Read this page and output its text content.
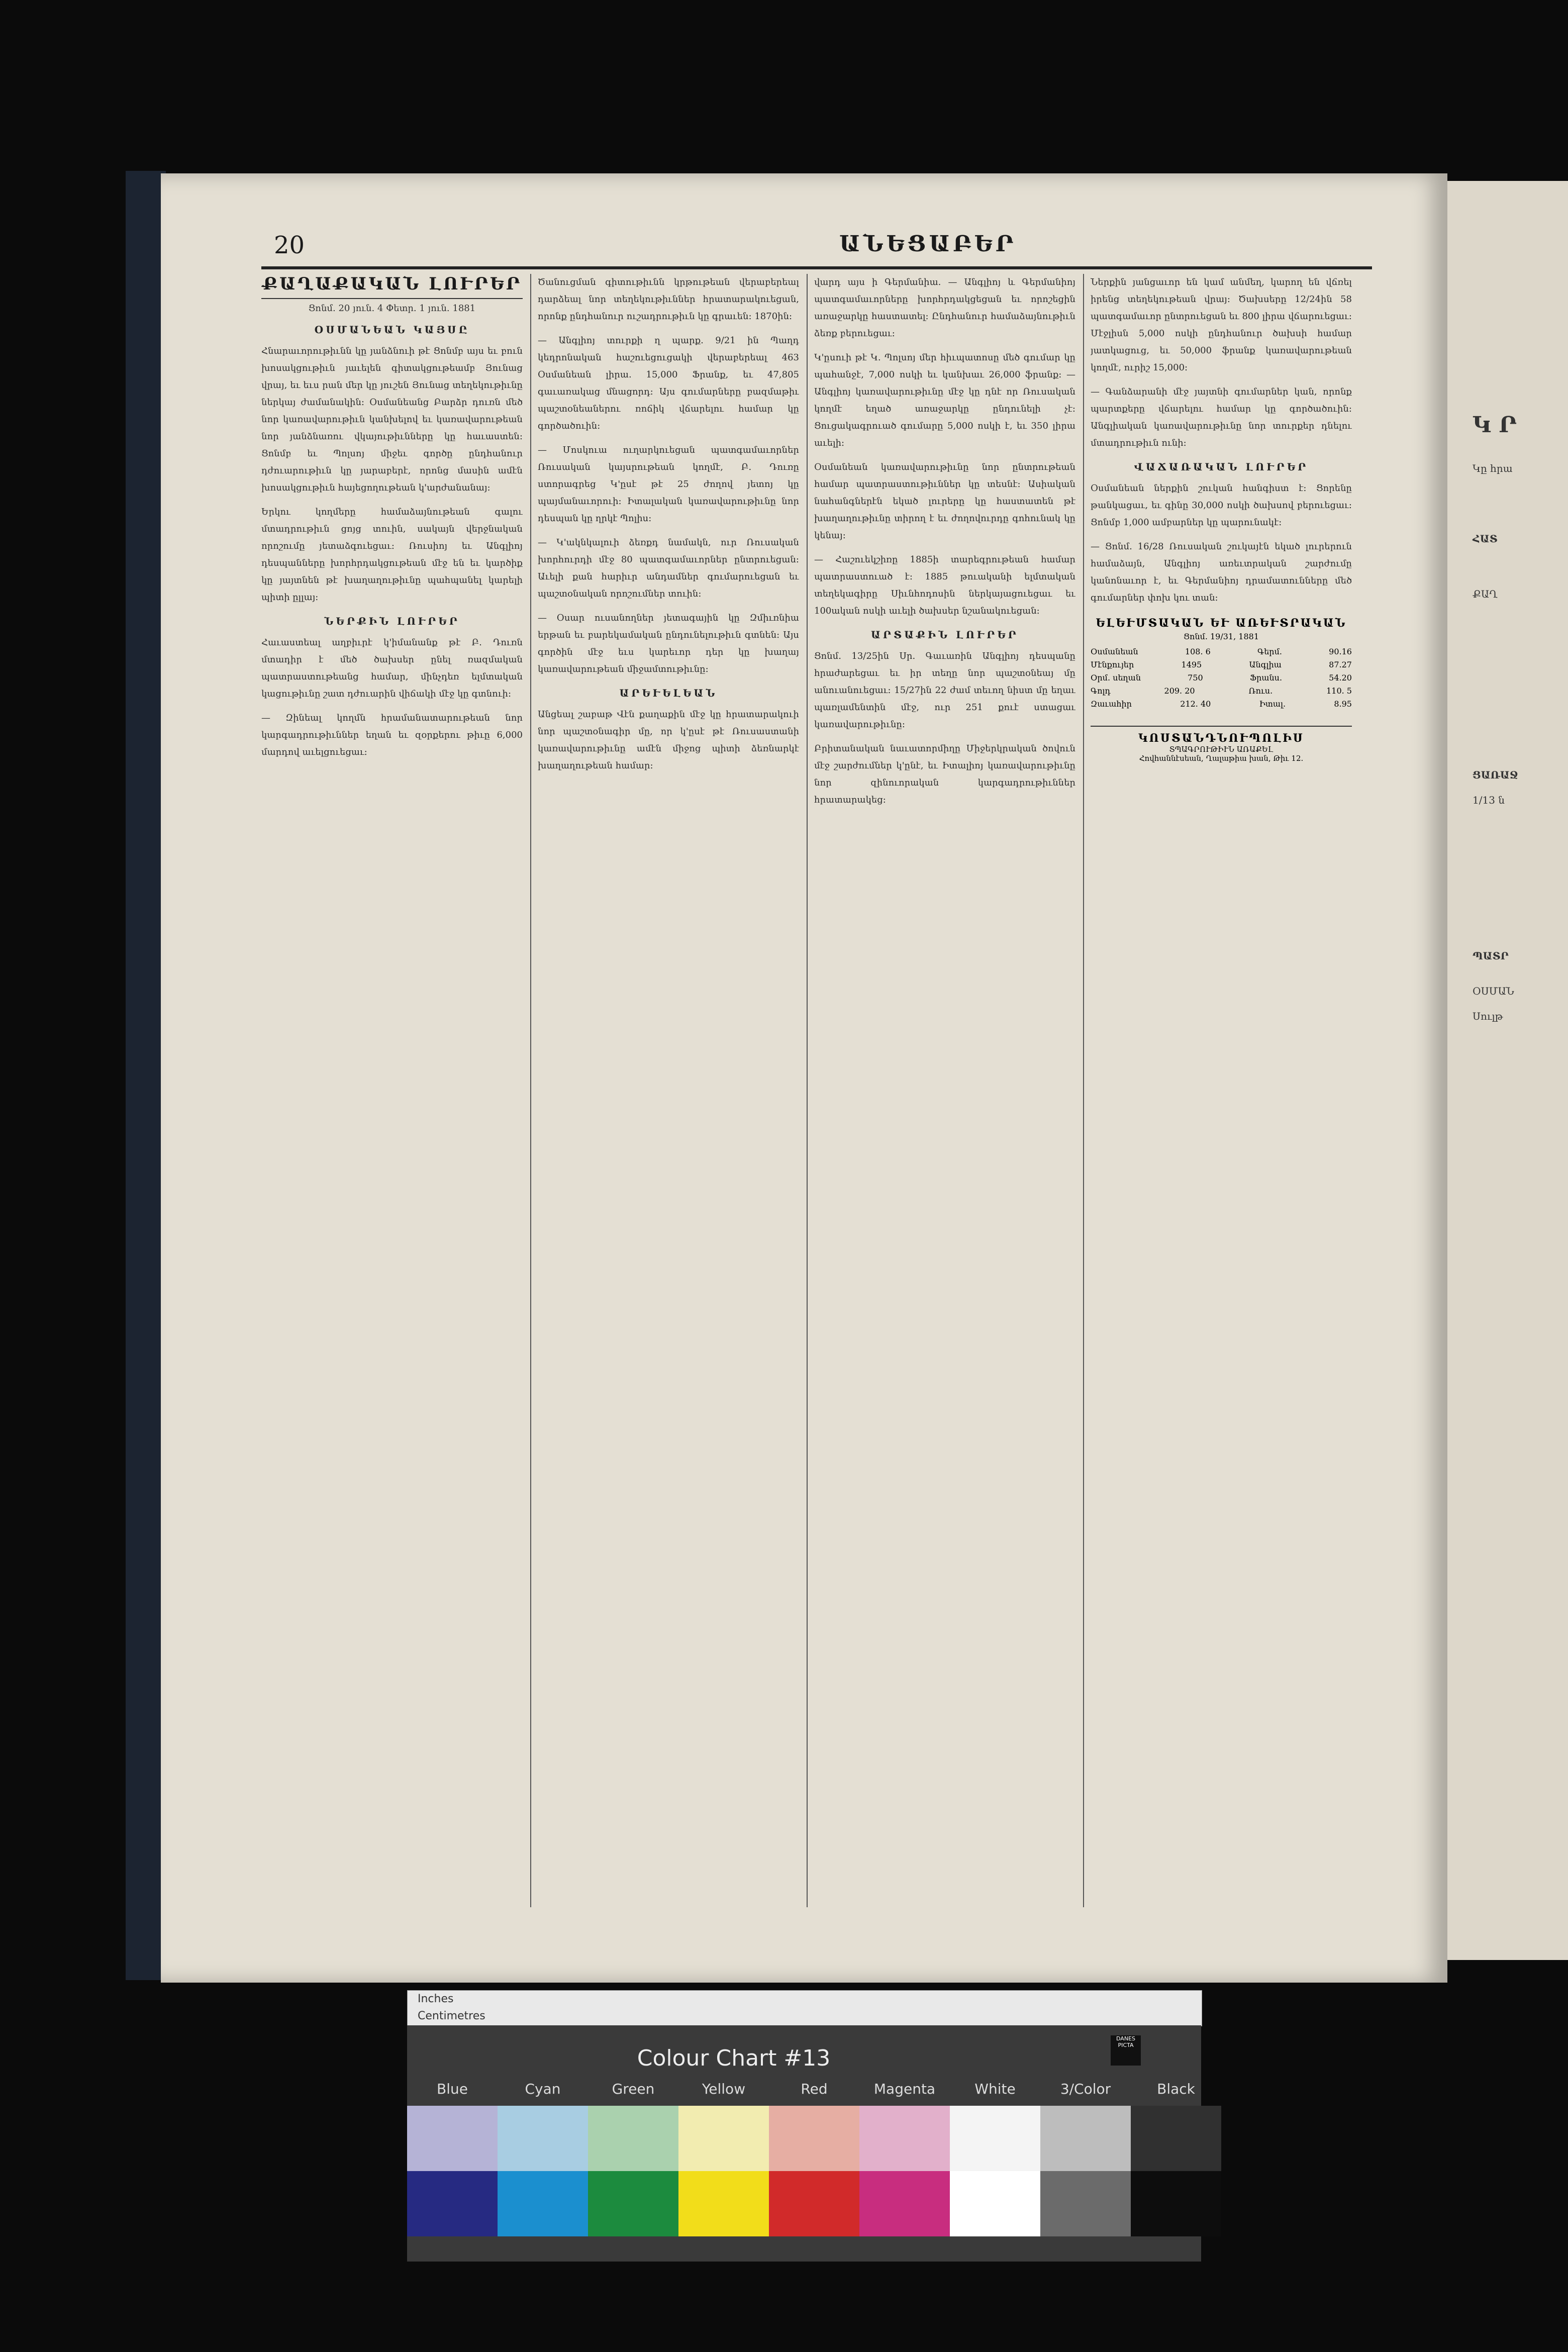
20	ԱՆԵՑԱԲԵՐ
ՔԱՂԱՔԱԿԱՆ ԼՈՒՐԵՐ
Ցոնմ. 20 յուն. 4 Փետր. 1 յուն. 1881
ՕՍՄԱՆԵԱՆ ԿԱՅՍԸ
Հնարաւորութիւնն կը յանձնուի թէ Ցոնմբ այս եւ բուն խոսակցութիւն յաւելեն գիտակցութեամբ Յունաց վրայ, եւ եւս րան մեր կը յուշեն Յունաց տեղեկութիւնը ներկայ ժամանակին։ Օսմանեանց Բարձր դուռն մեծ նոր կառավարութիւն կանխելով եւ կառավարութեան նոր յանձնառու վկայութիւնները կը հաւաստեն։ Ցոնմբ եւ Պոլսոյ միջեւ գործը ընդհանուր դժուարութիւն կը յարաբերէ, որոնց մասին ամէն խոսակցութիւն հայեցողութեան կ'արժանանայ։
Երկու կողմերը համաձայնութեան գալու մտադրութիւն ցոյց տուին, սակայն վերջնական որոշումը յետաձգուեցաւ։ Ռուսիոյ եւ Անգլիոյ դեսպանները խորհրդակցութեան մէջ են եւ կարծիք կը յայտնեն թէ խաղաղութիւնը պահպանել կարելի պիտի ըլլայ։
ՆԵՐՔԻՆ ԼՈՒՐԵՐ
Հաւաստեալ աղբիւրէ կ'իմանանք թէ Բ. Դուռն մտադիր է մեծ ծախսեր ընել ռազմական պատրաստութեանց համար, մինչդեռ ելմտական կացութիւնը շատ դժուարին վիճակի մէջ կը գտնուի։
— Զինեալ կողմն հրամանատարութեան նոր կարգադրութիւններ եղան եւ զօրքերու թիւը 6,000 մարդով աւելցուեցաւ։
Ծանուցման գիտութիւնն կրթութեան վերաբերեալ դարձեալ նոր տեղեկութիւններ հրատարակուեցան, որոնք ընդհանուր ուշադրութիւն կը գրաւեն։ 1870ին։
— Անգլիոյ տուրքի ղ պարք. 9/21 ին Պաղդ կեդրոնական հաշուեցուցակի վերաբերեալ 463 Օսմանեան լիրա. 15,000 Ֆրանք, եւ 47,805 գաւառակաց մնացորդ։ Այս գումարները բազմաթիւ պաշտօնեաներու ռոճիկ վճարելու համար կը գործածուին։
— Մոսկուա ուղարկուեցան պատգամաւորներ Ռուսական կայսրութեան կողմէ, Բ. Դուռը ստորագրեց Կ'ըսէ թէ 25 ժողով յետոյ կը պայմանաւորուի։ Իտալական կառավարութիւնը նոր դեսպան կը ղրկէ Պոլիս։
— Կ'ակնկալուի ձեռքդ նամակն, ուր Ռուսական խորհուրդի մէջ 80 պատգամաւորներ ընտրուեցան։ Աւելի քան հարիւր անդամներ գումարուեցան եւ պաշտօնական որոշումներ տուին։
— Օսար ուսանողներ յետագային կը Զմիւռնիա երթան եւ բարեկամական ընդունելութիւն գտնեն։ Այս գործին մէջ եւս կարեւոր դեր կը խաղայ կառավարութեան միջամտութիւնը։
ԱՐԵՒԵԼԵԱՆ
Անցեալ շաբաթ Վէն քաղաքին մէջ կը հրատարակուի նոր պաշտօնագիր մը, որ կ'ըսէ թէ Ռուսաստանի կառավարութիւնը ամէն միջոց պիտի ձեռնարկէ խաղաղութեան համար։
վարդ այս ի Գերմանիա. — Անգլիոյ և Գերմանիոյ պատգամաւորները խորհրդակցեցան եւ որոշեցին առաջարկը հաստատել։ Ընդհանուր համաձայնութիւն ձեռք բերուեցաւ։
Կ'ըսուի թէ Կ. Պոլսոյ մեր հիւպատոսը մեծ գումար կը պահանջէ, 7,000 ոսկի եւ կանխաւ 26,000 ֆրանք։ — Անգլիոյ կառավարութիւնը մէջ կը դնէ որ Ռուսական կողմէ եղած առաջարկը ընդունելի չէ։ Ցուցակագրուած գումարը 5,000 ոսկի է, եւ 350 լիրա աւելի։
Օսմանեան կառավարութիւնը նոր ընտրութեան համար պատրաստութիւններ կը տեսնէ։ Ասիական նահանգներէն եկած լուրերը կը հաստատեն թէ խաղաղութիւնը տիրող է եւ ժողովուրդը գոհունակ կը կենայ։
— Հաշուեկշիռը 1885ի տարեգրութեան համար պատրաստուած է։ 1885 թուականի ելմտական տեղեկագիրը Սիւնհոդոսին ներկայացուեցաւ եւ 100ական ոսկի աւելի ծախսեր նշանակուեցան։
ԱՐՏԱՔԻՆ ԼՈՒՐԵՐ
Ցոնմ. 13/25ին Սր. Գաւառին Անգլիոյ դեսպանը հրաժարեցաւ եւ իր տեղը նոր պաշտօնեայ մը անուանուեցաւ։ 15/27ին 22 ժամ տեւող նիստ մը եղաւ պառլամենտին մէջ, ուր 251 քուէ ստացաւ կառավարութիւնը։
Բրիտանական նաւատորմիղը Միջերկրական ծովուն մէջ շարժումներ կ'ընէ, եւ Իտալիոյ կառավարութիւնը նոր զինուորական կարգադրութիւններ հրատարակեց։
Ներքին յանցաւոր են կամ անմեղ, կարող են վճռել իրենց տեղեկութեան վրայ։ Ծախսերը 12/24ին 58 պատգամաւոր ընտրուեցան եւ 800 լիրա վճարուեցաւ։ Մէջլիսն 5,000 ոսկի ընդհանուր ծախսի համար յատկացուց, եւ 50,000 ֆրանք կառավարութեան կողմէ, ուրիշ 15,000։
— Գանձարանի մէջ յայտնի գումարներ կան, որոնք պարտքերը վճարելու համար կը գործածուին։ Անգլիական կառավարութիւնը նոր տուրքեր դնելու մտադրութիւն ունի։
ՎԱՃԱՌԱԿԱՆ ԼՈՒՐԵՐ
Օսմանեան ներքին շուկան հանգիստ է։ Ցորենը թանկացաւ, եւ գինը 30,000 ոսկի ծախսով բերուեցաւ։ Ցոնմբ 1,000 ամբարներ կը պարունակէ։
— Ցոնմ. 16/28 Ռուսական շուկայէն եկած լուրերուն համաձայն, Անգլիոյ առեւտրական շարժումը կանոնաւոր է, եւ Գերմանիոյ դրամատունները մեծ գումարներ փոխ կու տան։
ԵԼԵՒՄՏԱԿԱՆ ԵՒ ԱՌԵՒՏՐԱԿԱՆ
Ցոնմ. 19/31, 1881
Օսմանեան	108. 6	Գերմ.	90.16
Մէնքույեր	1495	Անգլիա	87.27
Օրմ. սեղան	750	Ֆրանս.	54.20
Գոլդ	209. 20	Ռուս.	110. 5
Զաւահիր	212. 40	Իտալ.	8.95
ԿՈՍՏԱՆԴՆՈՒՊՈԼԻՍ
ՏՊԱԳՐՈՒԹԻՒՆ ԱՌԱՔԵԼ
Հովհաննէսեան, Ղալաթիա խան, Թիւ 12.
Կ Ր
Կը հրա
ՀԱՏ
ՔԱՂ
ՑԱՌԱՋ
1/13 ն
ՊԱՏՐ
ՕՍՄԱՆ
Սուլթ
Inches
Centimetres
Colour Chart #13
DANES PICTA
Blue	Cyan	Green	Yellow	Red	Magenta	White	3/Color	Black
